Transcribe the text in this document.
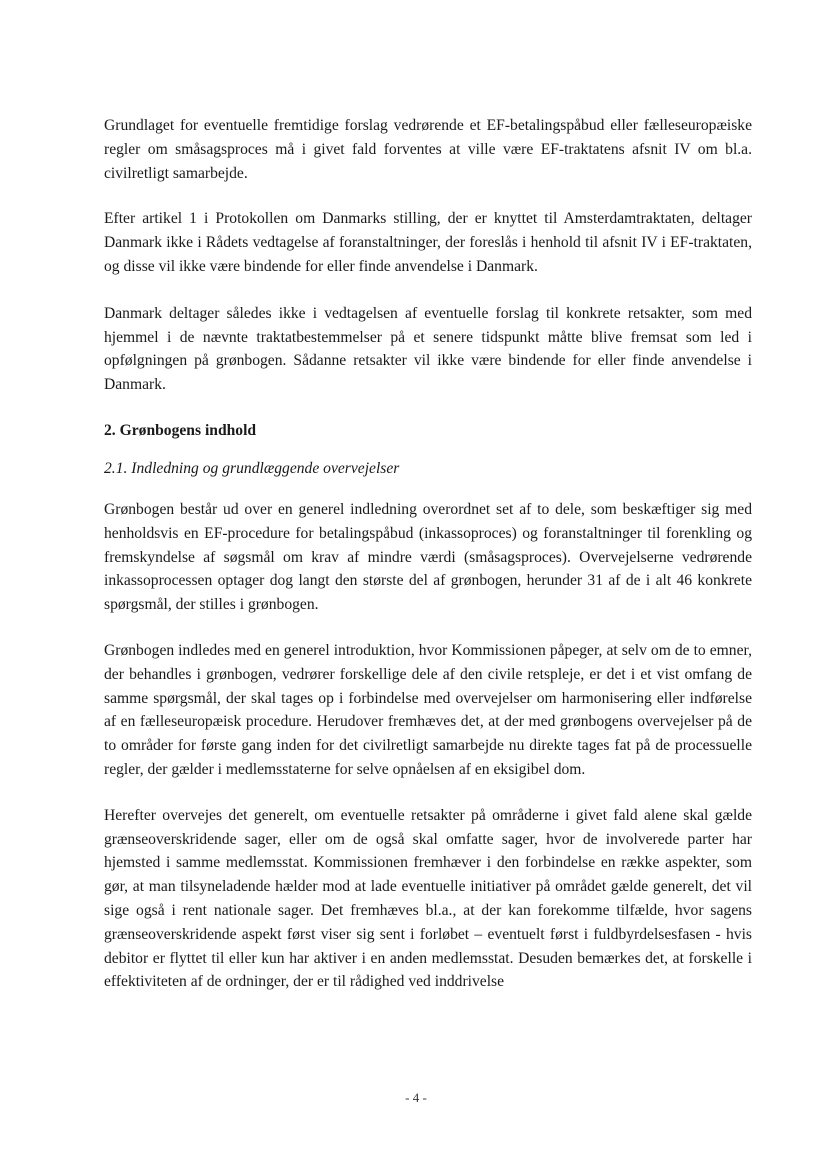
Grundlaget for eventuelle fremtidige forslag vedrørende et EF-betalingspåbud eller fælleseuropæiske regler om småsagsproces må i givet fald forventes at ville være EF-traktatens afsnit IV om bl.a. civilretligt samarbejde.

Efter artikel 1 i Protokollen om Danmarks stilling, der er knyttet til Amsterdamtraktaten, deltager Danmark ikke i Rådets vedtagelse af foranstaltninger, der foreslås i henhold til afsnit IV i EF-traktaten, og disse vil ikke være bindende for eller finde anvendelse i Danmark.

Danmark deltager således ikke i vedtagelsen af eventuelle forslag til konkrete retsakter, som med hjemmel i de nævnte traktatbestemmelser på et senere tidspunkt måtte blive fremsat som led i opfølgningen på grønbogen. Sådanne retsakter vil ikke være bindende for eller finde anvendelse i Danmark.

2. Grønbogens indhold
2.1. Indledning og grundlæggende overvejelser

Grønbogen består ud over en generel indledning overordnet set af to dele, som beskæftiger sig med henholdsvis en EF-procedure for betalingspåbud (inkassoproces) og foranstaltninger til forenkling og fremskyndelse af søgsmål om krav af mindre værdi (småsagsproces). Overvejelserne vedrørende inkassoprocessen optager dog langt den største del af grønbogen, herunder 31 af de i alt 46 konkrete spørgsmål, der stilles i grønbogen.

Grønbogen indledes med en generel introduktion, hvor Kommissionen påpeger, at selv om de to emner, der behandles i grønbogen, vedrører forskellige dele af den civile retspleje, er det i et vist omfang de samme spørgsmål, der skal tages op i forbindelse med overvejelser om harmonisering eller indførelse af en fælleseuropæisk procedure. Herudover fremhæves det, at der med grønbogens overvejelser på de to områder for første gang inden for det civilretligt samarbejde nu direkte tages fat på de processuelle regler, der gælder i medlemsstaterne for selve opnåelsen af en eksigibel dom.

Herefter overvejes det generelt, om eventuelle retsakter på områderne i givet fald alene skal gælde grænseoverskridende sager, eller om de også skal omfatte sager, hvor de involverede parter har hjemsted i samme medlemsstat. Kommissionen fremhæver i den forbindelse en række aspekter, som gør, at man tilsyneladende hælder mod at lade eventuelle initiativer på området gælde generelt, det vil sige også i rent nationale sager. Det fremhæves bl.a., at der kan forekomme tilfælde, hvor sagens grænseoverskridende aspekt først viser sig sent i forløbet – eventuelt først i fuldbyrdelsesfasen - hvis debitor er flyttet til eller kun har aktiver i en anden medlemsstat. Desuden bemærkes det, at forskelle i effektiviteten af de ordninger, der er til rådighed ved inddrivelse

- 4 -
